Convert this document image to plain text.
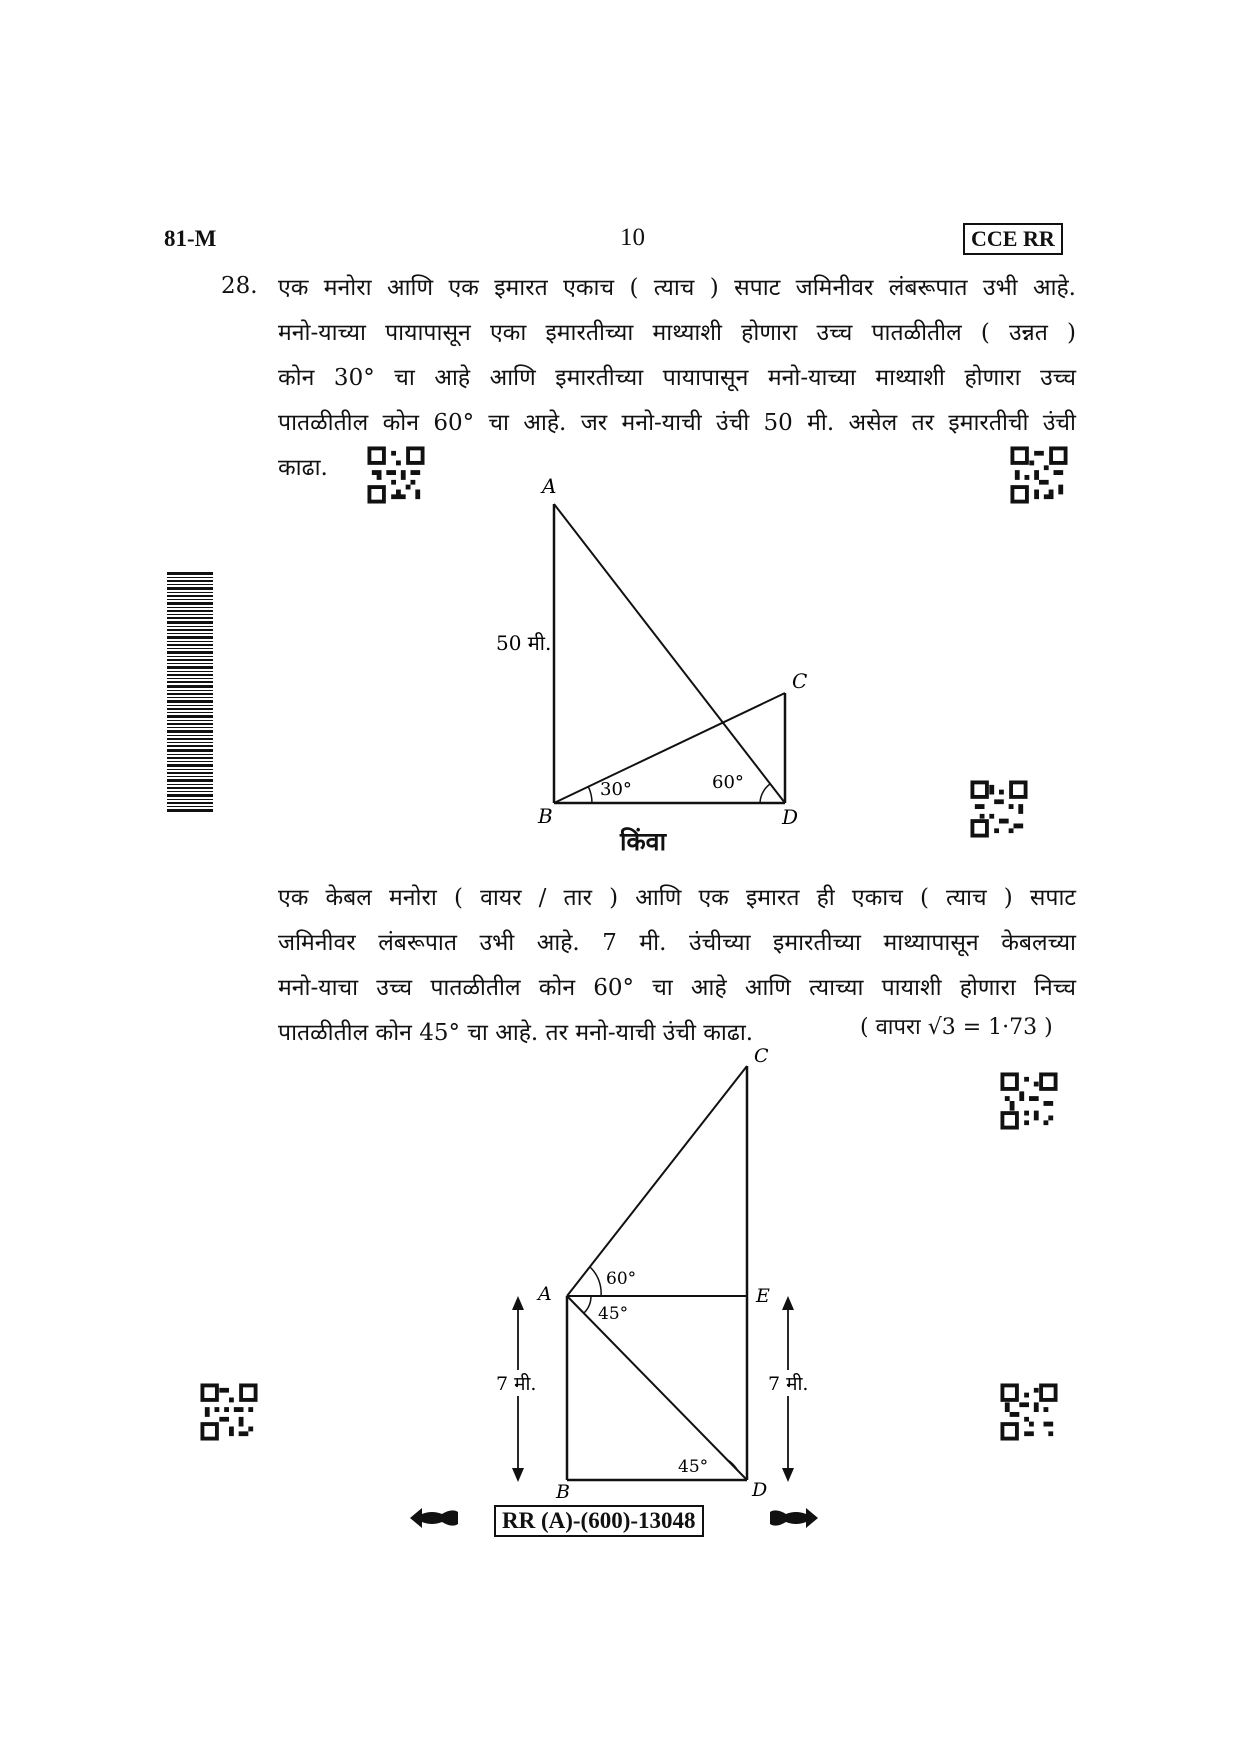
81-M	10	CCE RR
28. एक मनोरा आणि एक इमारत एकाच ( त्याच ) सपाट जमिनीवर लंबरूपात उभी आहे.
मनो-याच्या पायापासून एका इमारतीच्या माथ्याशी होणारा उच्च पातळीतील ( उन्नत )
कोन 30° चा आहे आणि इमारतीच्या पायापासून मनो-याच्या माथ्याशी होणारा उच्च
पातळीतील कोन 60° चा आहे. जर मनो-याची उंची 50 मी. असेल तर इमारतीची उंची
काढा.
A
B
C
D
50 मी.
30°	60°
किंवा
एक केबल मनोरा ( वायर / तार ) आणि एक इमारत ही एकाच ( त्याच ) सपाट
जमिनीवर लंबरूपात उभी आहे. 7 मी. उंचीच्या इमारतीच्या माथ्यापासून केबलच्या
मनो-याचा उच्च पातळीतील कोन 60° चा आहे आणि त्याच्या पायाशी होणारा निच्च
पातळीतील कोन 45° चा आहे. तर मनो-याची उंची काढा.	( वापरा √3 = 1·73 )
7 मी.	7 मी.
A
B
C
D
E
60°
45°
45°
RR (A)-(600)-13048
